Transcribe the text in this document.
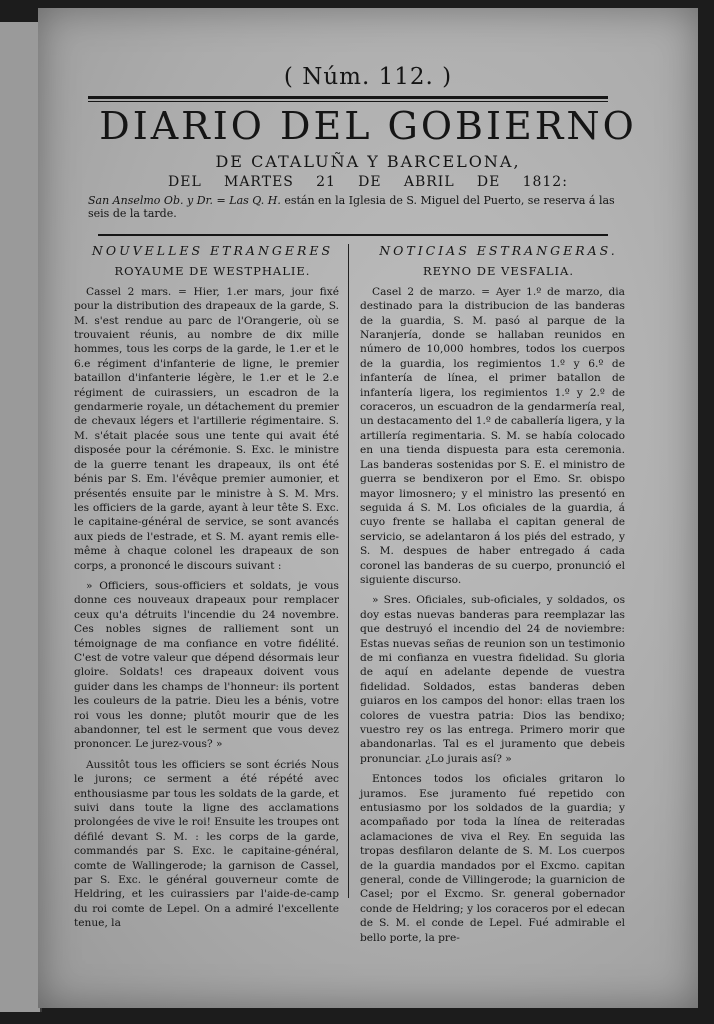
( Núm. 112. )
DIARIO DEL GOBIERNO
DE CATALUÑA Y BARCELONA,
DEL MARTES 21 DE ABRIL DE 1812:
San Anselmo Ob. y Dr. = Las Q. H. están en la Iglesia de S. Miguel del Puerto, se reserva á las seis de la tarde.

NOUVELLES ETRANGERES

ROYAUME DE WESTPHALIE.

Cassel 2 mars. = Hier, 1.er mars, jour fixé pour la distribution des drapeaux de la garde, S. M. s'est rendue au parc de l'Orangerie, où se trouvaient réunis, au nombre de dix mille hommes, tous les corps de la garde, le 1.er et le 6.e régiment d'infanterie de ligne, le premier bataillon d'infanterie légère, le 1.er et le 2.e régiment de cuirassiers, un escadron de la gendarmerie royale, un détachement du premier de chevaux légers et l'artillerie régimentaire. S. M. s'était placée sous une tente qui avait été disposée pour la cérémonie. S. Exc. le ministre de la guerre tenant les drapeaux, ils ont été bénis par S. Em. l'évêque premier aumonier, et présentés ensuite par le ministre à S. M. Mrs. les officiers de la garde, ayant à leur tête S. Exc. le capitaine-général de service, se sont avancés aux pieds de l'estrade, et S. M. ayant remis elle-même à chaque colonel les drapeaux de son corps, a prononcé le discours suivant :

» Officiers, sous-officiers et soldats, je vous donne ces nouveaux drapeaux pour remplacer ceux qu'a détruits l'incendie du 24 novembre. Ces nobles signes de ralliement sont un témoignage de ma confiance en votre fidélité. C'est de votre valeur que dépend désormais leur gloire. Soldats! ces drapeaux doivent vous guider dans les champs de l'honneur: ils portent les couleurs de la patrie. Dieu les a bénis, votre roi vous les donne; plutôt mourir que de les abandonner, tel est le serment que vous devez prononcer. Le jurez-vous? »

Aussitôt tous les officiers se sont écriés Nous le jurons; ce serment a été répété avec enthousiasme par tous les soldats de la garde, et suivi dans toute la ligne des acclamations prolongées de vive le roi! Ensuite les troupes ont défilé devant S. M. : les corps de la garde, commandés par S. Exc. le capitaine-général, comte de Wallingerode; la garnison de Cassel, par S. Exc. le général gouverneur comte de Heldring, et les cuirassiers par l'aide-de-camp du roi comte de Lepel. On a admiré l'excellente tenue, la

NOTICIAS ESTRANGERAS.

REYNO DE VESFALIA.

Casel 2 de marzo. = Ayer 1.º de marzo, dia destinado para la distribucion de las banderas de la guardia, S. M. pasó al parque de la Naranjería, donde se hallaban reunidos en número de 10,000 hombres, todos los cuerpos de la guardia, los regimientos 1.º y 6.º de infantería de línea, el primer batallon de infantería ligera, los regimientos 1.º y 2.º de coraceros, un escuadron de la gendarmería real, un destacamento del 1.º de caballería ligera, y la artillería regimentaria. S. M. se había colocado en una tienda dispuesta para esta ceremonia. Las banderas sostenidas por S. E. el ministro de guerra se bendixeron por el Emo. Sr. obispo mayor limosnero; y el ministro las presentó en seguida á S. M. Los oficiales de la guardia, á cuyo frente se hallaba el capitan general de servicio, se adelantaron á los piés del estrado, y S. M. despues de haber entregado á cada coronel las banderas de su cuerpo, pronunció el siguiente discurso.

» Sres. Oficiales, sub-oficiales, y soldados, os doy estas nuevas banderas para reemplazar las que destruyó el incendio del 24 de noviembre: Estas nuevas señas de reunion son un testimonio de mi confianza en vuestra fidelidad. Su gloria de aquí en adelante depende de vuestra fidelidad. Soldados, estas banderas deben guiaros en los campos del honor: ellas traen los colores de vuestra patria: Dios las bendixo; vuestro rey os las entrega. Primero morir que abandonarlas. Tal es el juramento que debeis pronunciar. ¿Lo jurais así? »

Entonces todos los oficiales gritaron lo juramos. Ese juramento fué repetido con entusiasmo por los soldados de la guardia; y acompañado por toda la línea de reiteradas aclamaciones de viva el Rey. En seguida las tropas desfilaron delante de S. M. Los cuerpos de la guardia mandados por el Excmo. capitan general, conde de Villingerode; la guarnicion de Casel; por el Excmo. Sr. general gobernador conde de Heldring; y los coraceros por el edecan de S. M. el conde de Lepel. Fué admirable el bello porte, la pre-
